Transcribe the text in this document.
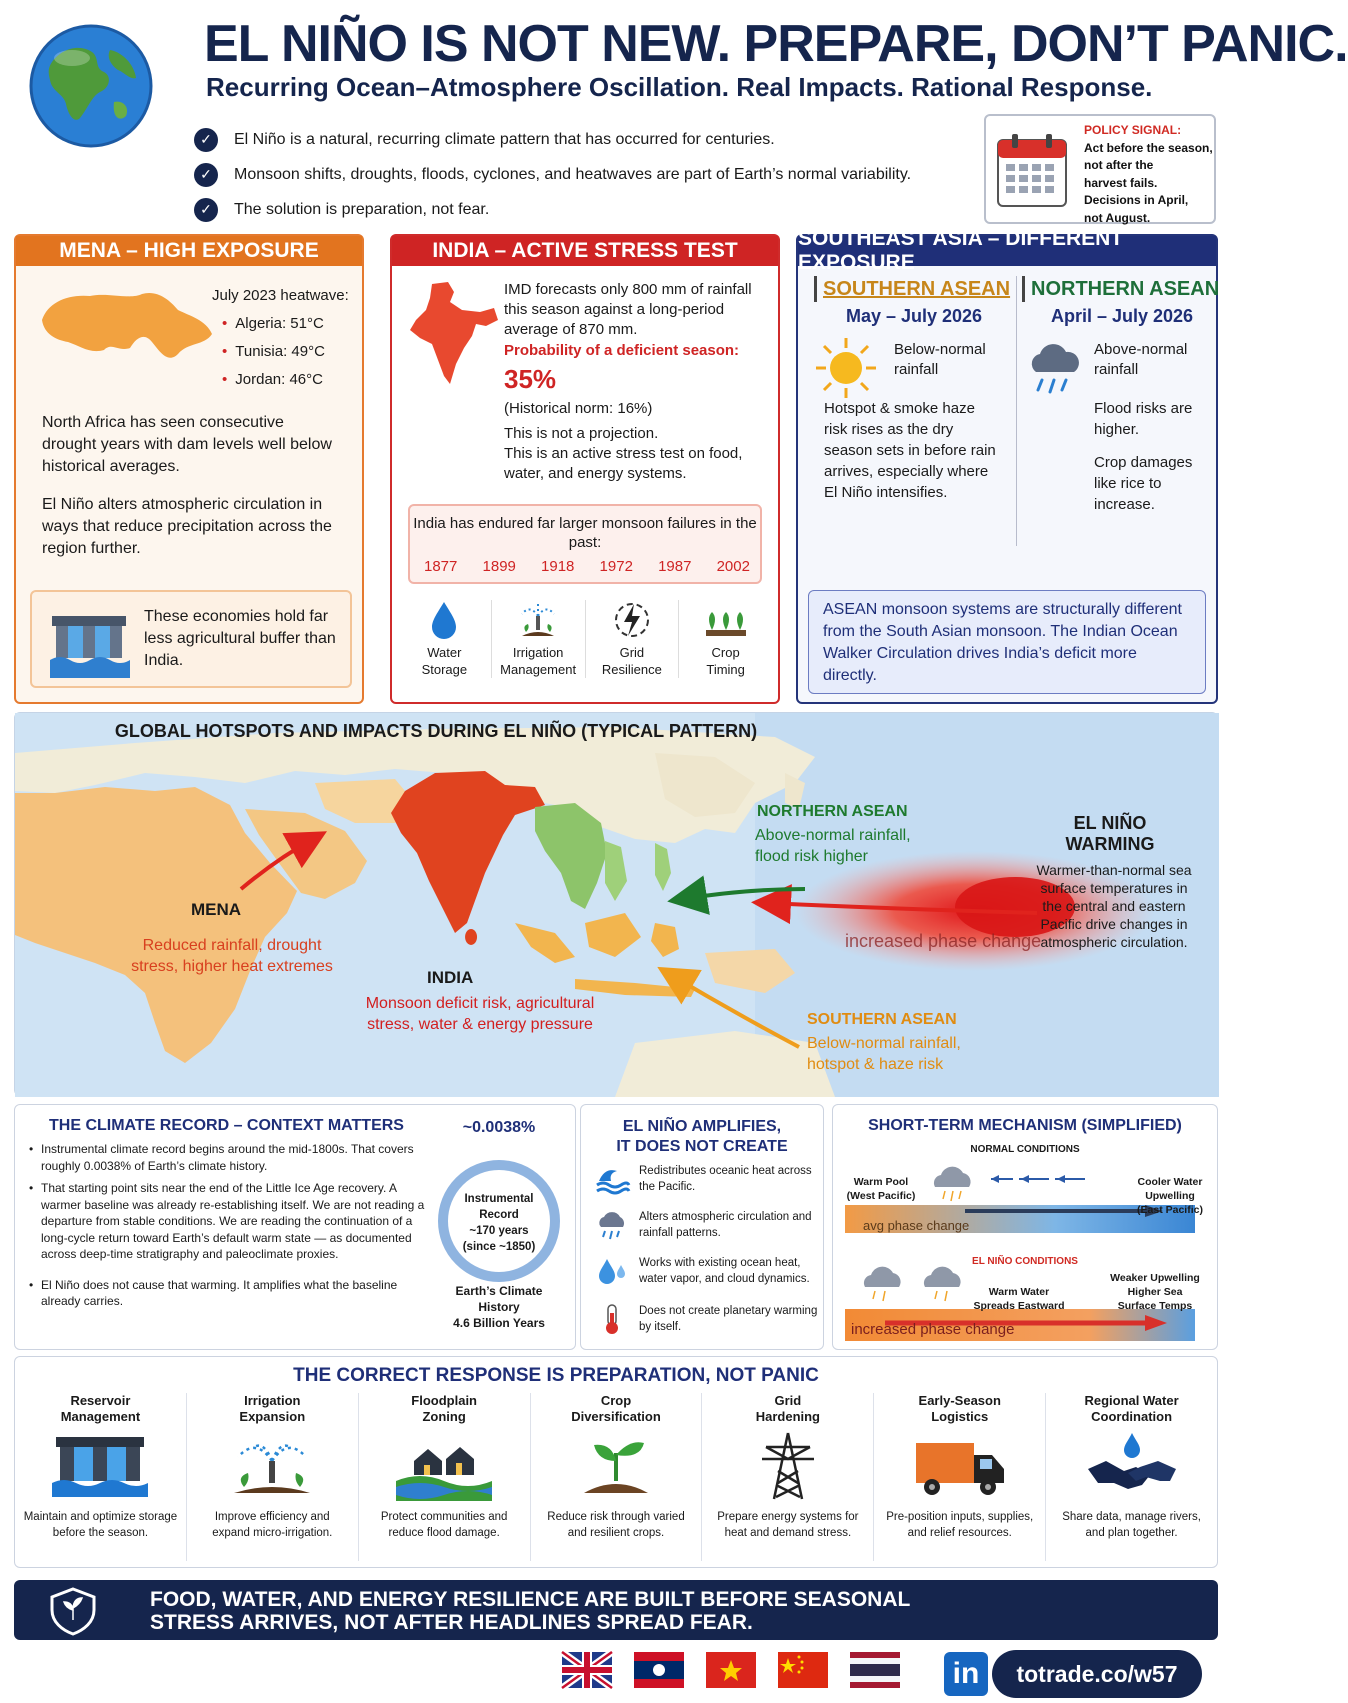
EL NIÑO IS NOT NEW. PREPARE, DON’T PANIC.
Recurring Ocean–Atmosphere Oscillation. Real Impacts. Rational Response.
✓	El Niño is a natural, recurring climate pattern that has occurred for centuries.
✓	Monsoon shifts, droughts, floods, cyclones, and heatwaves are part of Earth’s normal variability.
✓	The solution is preparation, not fear.
POLICY SIGNAL:
Act before the season,
not after the
harvest fails.
Decisions in April,
not August.
MENA – HIGH EXPOSURE
July 2023 heatwave:
• Algeria: 51°C
• Tunisia: 49°C
• Jordan: 46°C
North Africa has seen consecutive drought years with dam levels well below historical averages.
El Niño alters atmospheric circulation in ways that reduce precipitation across the region further.
These economies hold far less agricultural buffer than India.
INDIA – ACTIVE STRESS TEST
IMD forecasts only 800 mm of rainfall this season against a long-period average of 870 mm.
Probability of a deficient season:
35%
(Historical norm: 16%)
This is not a projection.
This is an active stress test on food, water, and energy systems.
India has endured far larger monsoon failures in the past:
1877 1899 1918 1972 1987 2002
Water
Storage
Irrigation
Management
Grid
Resilience
Crop
Timing
SOUTHEAST ASIA – DIFFERENT EXPOSURE
SOUTHERN ASEAN
May – July 2026
Below-normal
rainfall
Hotspot & smoke haze risk rises as the dry season sets in before rain arrives, especially where El Niño intensifies.
NORTHERN ASEAN
April – July 2026
Above-normal
rainfall
Flood risks are higher.
Crop damages like rice to increase.
ASEAN monsoon systems are structurally different from the South Asian monsoon. The Indian Ocean Walker Circulation drives India’s deficit more directly.
GLOBAL HOTSPOTS AND IMPACTS DURING EL NIÑO (TYPICAL PATTERN)
MENA
Reduced rainfall, drought stress, higher heat extremes
INDIA
Monsoon deficit risk, agricultural stress, water & energy pressure
NORTHERN ASEAN
Above-normal rainfall, flood risk higher
SOUTHERN ASEAN
Below-normal rainfall, hotspot & haze risk
EL NIÑO
WARMING
Warmer-than-normal sea surface temperatures in the central and eastern Pacific drive changes in atmospheric circulation.
increased phase change
THE CLIMATE RECORD – CONTEXT MATTERS
• Instrumental climate record begins around the mid-1800s. That covers roughly 0.0038% of Earth’s climate history.
• That starting point sits near the end of the Little Ice Age recovery. A warmer baseline was already re-establishing itself. We are not reading a departure from stable conditions. We are reading the continuation of a long-cycle return toward Earth’s default warm state — as documented across deep-time stratigraphy and paleoclimate proxies.
• El Niño does not cause that warming. It amplifies what the baseline already carries.
~0.0038%
Instrumental
Record
~170 years
(since ~1850)
Earth’s Climate
History
4.6 Billion Years
EL NIÑO AMPLIFIES,
IT DOES NOT CREATE
Redistributes oceanic heat across the Pacific.
Alters atmospheric circulation and rainfall patterns.
Works with existing ocean heat, water vapor, and cloud dynamics.
Does not create planetary warming by itself.
SHORT-TERM MECHANISM (SIMPLIFIED)
NORMAL CONDITIONS
Warm Pool
(West Pacific)
Cooler Water
Upwelling
(East Pacific)
avg phase change
EL NIÑO CONDITIONS
Warm Water
Spreads Eastward
Weaker Upwelling
Higher Sea
Surface Temps
increased phase change
THE CORRECT RESPONSE IS PREPARATION, NOT PANIC
Reservoir
Management
Maintain and optimize storage before the season.
Irrigation
Expansion
Improve efficiency and expand micro-irrigation.
Floodplain
Zoning
Protect communities and reduce flood damage.
Crop
Diversification
Reduce risk through varied and resilient crops.
Grid
Hardening
Prepare energy systems for heat and demand stress.
Early-Season
Logistics
Pre-position inputs, supplies, and relief resources.
Regional Water
Coordination
Share data, manage rivers, and plan together.
FOOD, WATER, AND ENERGY RESILIENCE ARE BUILT BEFORE SEASONAL
STRESS ARRIVES, NOT AFTER HEADLINES SPREAD FEAR.
in	totrade.co/w57
